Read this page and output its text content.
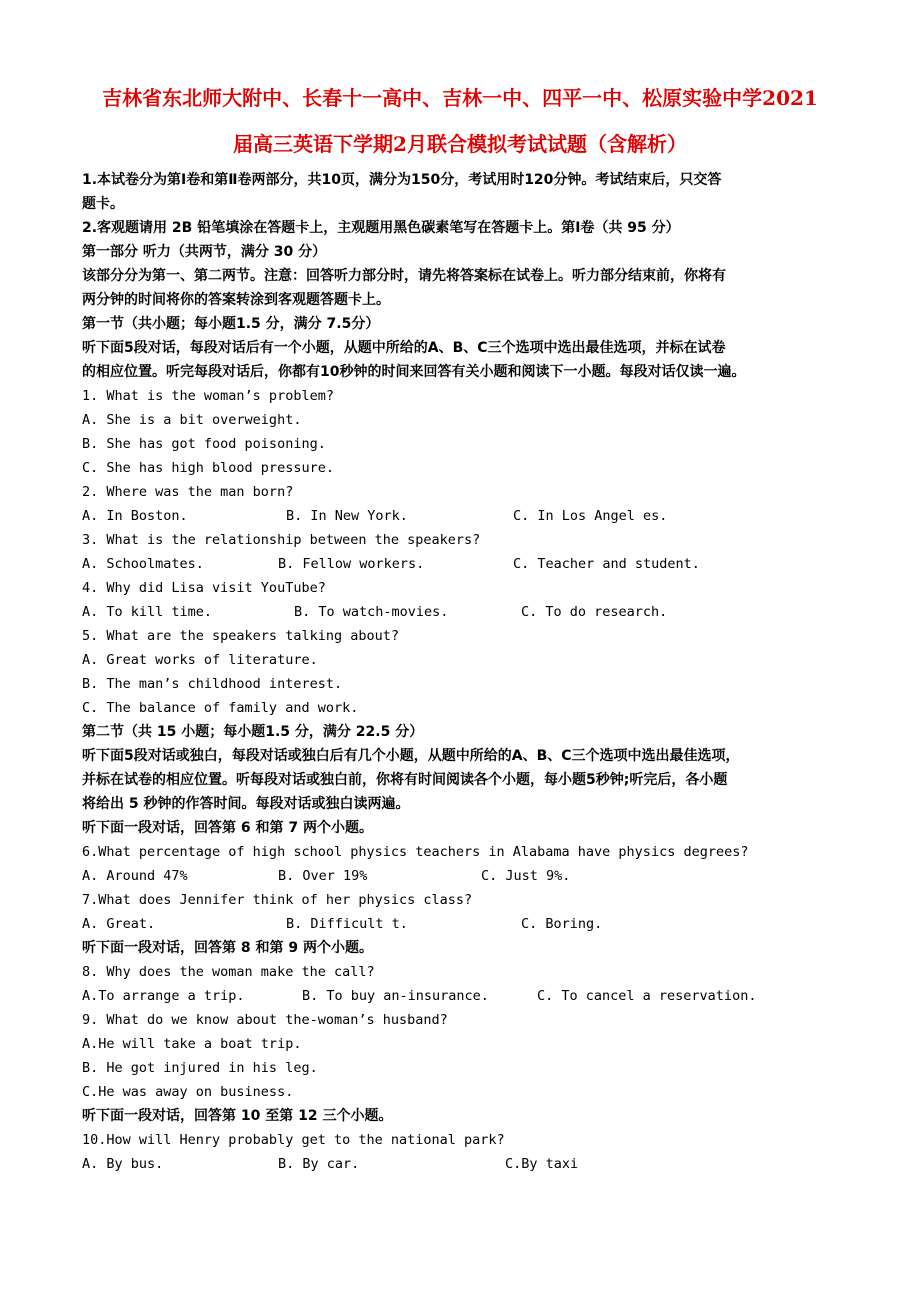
吉林省东北师大附中、长春十一高中、吉林一中、四平一中、松原实验中学2021
届高三英语下学期2月联合模拟考试试题（含解析）
1.本试卷分为第Ⅰ卷和第Ⅱ卷两部分，共10页，满分为150分，考试用时120分钟。考试结束后，只交答
题卡。
2.客观题请用 2B 铅笔填涂在答题卡上，主观题用黑色碳素笔写在答题卡上。第Ⅰ卷（共 95 分）
第一部分 听力（共两节，满分 30 分）
该部分分为第一、第二两节。注意：回答听力部分时，请先将答案标在试卷上。听力部分结束前，你将有
两分钟的时间将你的答案转涂到客观题答题卡上。
第一节（共小题；每小题1.5 分，满分 7.5分）
听下面5段对话，每段对话后有一个小题，从题中所给的A、B、C三个选项中选出最佳选项，并标在试卷
的相应位置。听完每段对话后，你都有10秒钟的时间来回答有关小题和阅读下一小题。每段对话仅读一遍。
1. What is the woman’s problem?
A. She is a bit overweight.
B. She has got food poisoning.
C. She has high blood pressure.
2. Where was the man born?
A. In Boston.	B. In New York.	C. In Los Angel es.
3. What is the relationship between the speakers?
A. Schoolmates.	B. Fellow workers.	C. Teacher and student.
4. Why did Lisa visit YouTube?
A. To kill time.	B. To watch-movies.	C. To do research.
5. What are the speakers talking about?
A. Great works of literature.
B. The man’s childhood interest.
C. The balance of family and work.
第二节（共 15 小题；每小题1.5 分，满分 22.5 分）
听下面5段对话或独白，每段对话或独白后有几个小题，从题中所给的A、B、C三个选项中选出最佳选项，
并标在试卷的相应位置。听每段对话或独白前，你将有时间阅读各个小题，每小题5秒钟;听完后，各小题
将给出 5 秒钟的作答时间。每段对话或独白读两遍。
听下面一段对话，回答第 6 和第 7 两个小题。
6.What percentage of high school physics teachers in Alabama have physics degrees?
A. Around 47%	B. Over 19%	C. Just 9%.
7.What does Jennifer think of her physics class?
A. Great.	B. Difficult t.	C. Boring.
听下面一段对话，回答第 8 和第 9 两个小题。
8. Why does the woman make the call?
A.To arrange a trip.	B. To buy an-insurance.	C. To cancel a reservation.
9. What do we know about the-woman’s husband?
A.He will take a boat trip.
B. He got injured in his leg.
C.He was away on business.
听下面一段对话，回答第 10 至第 12 三个小题。
10.How will Henry probably get to the national park?
A. By bus.	B. By car.	C.By taxi
